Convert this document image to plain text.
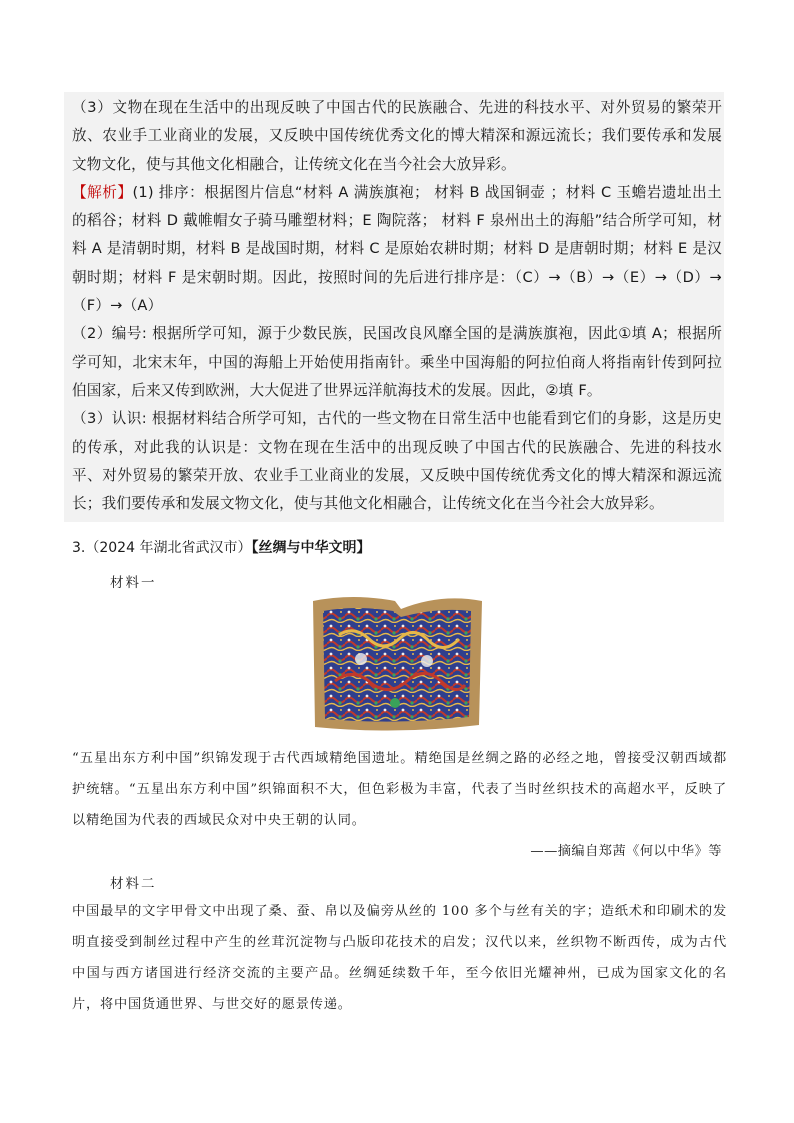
（3）文物在现在生活中的出现反映了中国古代的民族融合、先进的科技水平、对外贸易的繁荣开放、农业手工业商业的发展，又反映中国传统优秀文化的博大精深和源远流长；我们要传承和发展文物文化，使与其他文化相融合，让传统文化在当今社会大放异彩。

【解析】(1) 排序：根据图片信息“材料 A 满族旗袍； 材料 B 战国铜壶 ；材料 C 玉蟾岩遗址出土的稻谷；材料 D 戴帷帽女子骑马雕塑材料；E 陶院落； 材料 F 泉州出土的海船”结合所学可知，材料 A 是清朝时期，材料 B 是战国时期，材料 C 是原始农耕时期；材料 D 是唐朝时期；材料 E 是汉朝时期；材料 F 是宋朝时期。因此，按照时间的先后进行排序是：（C）→（B）→（E）→（D）→（F）→（A）

（2）编号: 根据所学可知，源于少数民族，民国改良风靡全国的是满族旗袍，因此①填 A；根据所学可知，北宋末年，中国的海船上开始使用指南针。乘坐中国海船的阿拉伯商人将指南针传到阿拉伯国家，后来又传到欧洲，大大促进了世界远洋航海技术的发展。因此，②填 F。

（3）认识: 根据材料结合所学可知，古代的一些文物在日常生活中也能看到它们的身影，这是历史的传承，对此我的认识是：文物在现在生活中的出现反映了中国古代的民族融合、先进的科技水平、对外贸易的繁荣开放、农业手工业商业的发展，又反映中国传统优秀文化的博大精深和源远流长；我们要传承和发展文物文化，使与其他文化相融合，让传统文化在当今社会大放异彩。

3.（2024 年湖北省武汉市）【丝绸与中华文明】
材料一

“五星出东方利中国”织锦发现于古代西域精绝国遗址。精绝国是丝绸之路的必经之地，曾接受汉朝西域都护统辖。“五星出东方利中国”织锦面积不大，但色彩极为丰富，代表了当时丝织技术的高超水平，反映了以精绝国为代表的西域民众对中央王朝的认同。

——摘编自郑茜《何以中华》等
材料二

中国最早的文字甲骨文中出现了桑、蚕、帛以及偏旁从丝的 100 多个与丝有关的字；造纸术和印刷术的发明直接受到制丝过程中产生的丝茸沉淀物与凸版印花技术的启发；汉代以来，丝织物不断西传，成为古代中国与西方诸国进行经济交流的主要产品。丝绸延续数千年，至今依旧光耀神州，已成为国家文化的名片，将中国货通世界、与世交好的愿景传递。
